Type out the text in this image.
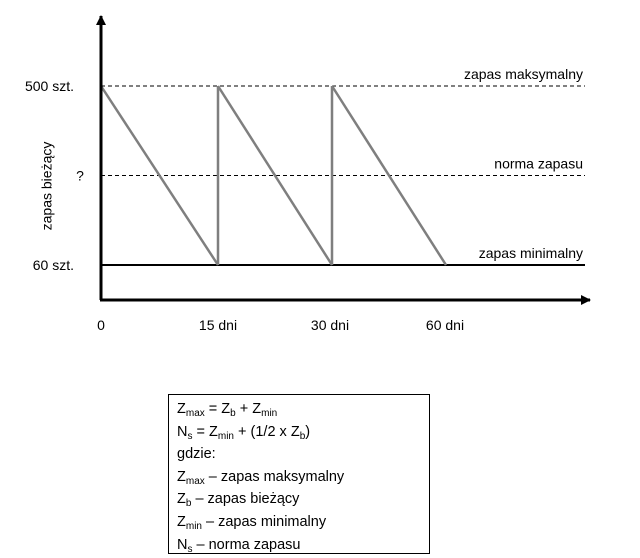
zapas bieżący
zapas maksymalny
norma zapasu
zapas minimalny
0	15 dni	30 dni	60 dni
500 szt.
?
60 szt.
$Z_{max} = Z_b + Z_{min}$
$N_s = Z_{min} + (1/2$ x $Z_b$)
gdzie:
$Z_{max}$ – zapas maksymalny
$Z_b$ – zapas bieżący
$Z_{min}$ – zapas minimalny
$N_s$ – norma zapasu
